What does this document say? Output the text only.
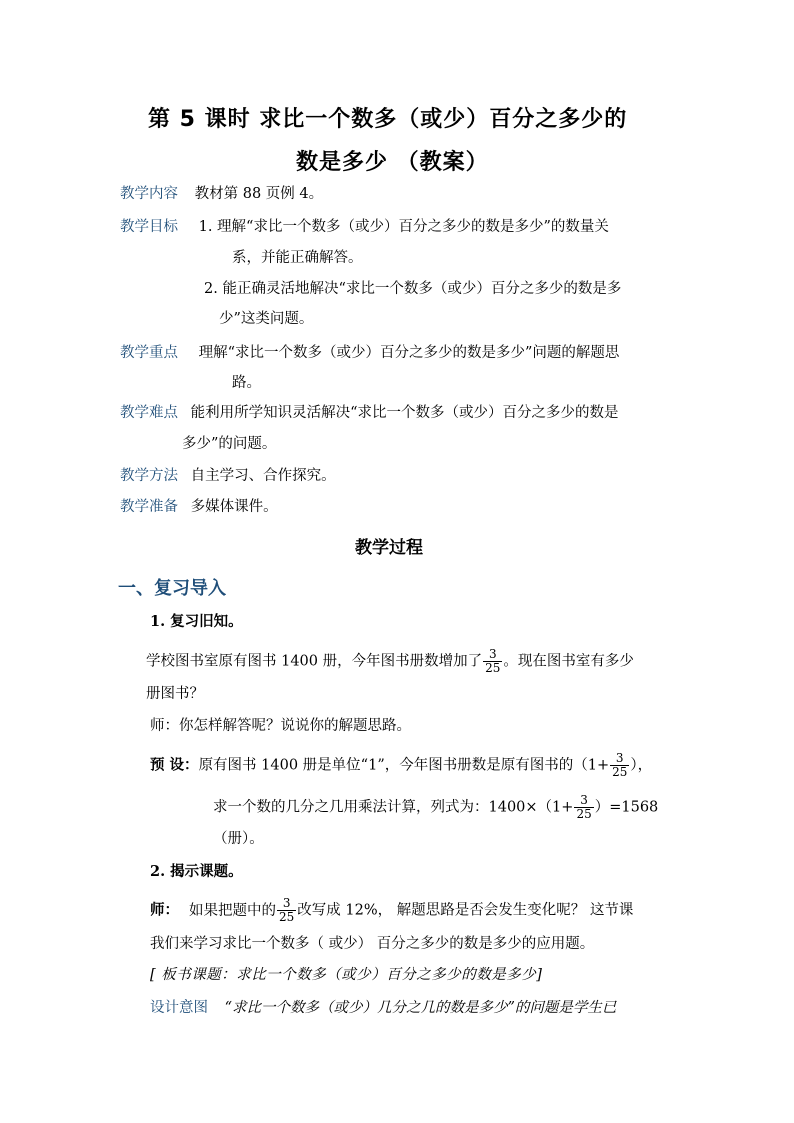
第 5 课时 求比一个数多（或少）百分之多少的
数是多少 （教案）
教学内容 教材第 88 页例 4。
教学目标 1. 理解“求比一个数多（或少）百分之多少的数是多少”的数量关
系，并能正确解答。
2. 能正确灵活地解决“求比一个数多（或少）百分之多少的数是多
少”这类问题。
教学重点 理解“求比一个数多（或少）百分之多少的数是多少”问题的解题思
路。
教学难点 能利用所学知识灵活解决“求比一个数多（或少）百分之多少的数是
多少”的问题。
教学方法 自主学习、合作探究。
教学准备 多媒体课件。
教学过程
一、复习导入
1. 复习旧知。
学校图书室原有图书 1400 册，今年图书册数增加了 $\frac{3}{25}$ 。现在图书室有多少
册图书？
师：你怎样解答呢？说说你的解题思路。
预 设：原有图书 1400 册是单位“1”，今年图书册数是原有图书的（$1+ \frac{3}{25}$ ），
求一个数的几分之几用乘法计算，列式为：$1400\times(1+ \frac{3}{25} )=1568$
（册）。
2. 揭示课题。
师： 如果把题中的 $\frac{3}{25}$ 改写成 12%， 解题思路是否会发生变化呢？ 这节课
我们来学习求比一个数多（ 或少） 百分之多少的数是多少的应用题。
[ 板书课题：求比一个数多（或少）百分之多少的数是多少]
设计意图 “求比一个数多（或少）几分之几的数是多少”的问题是学生已
